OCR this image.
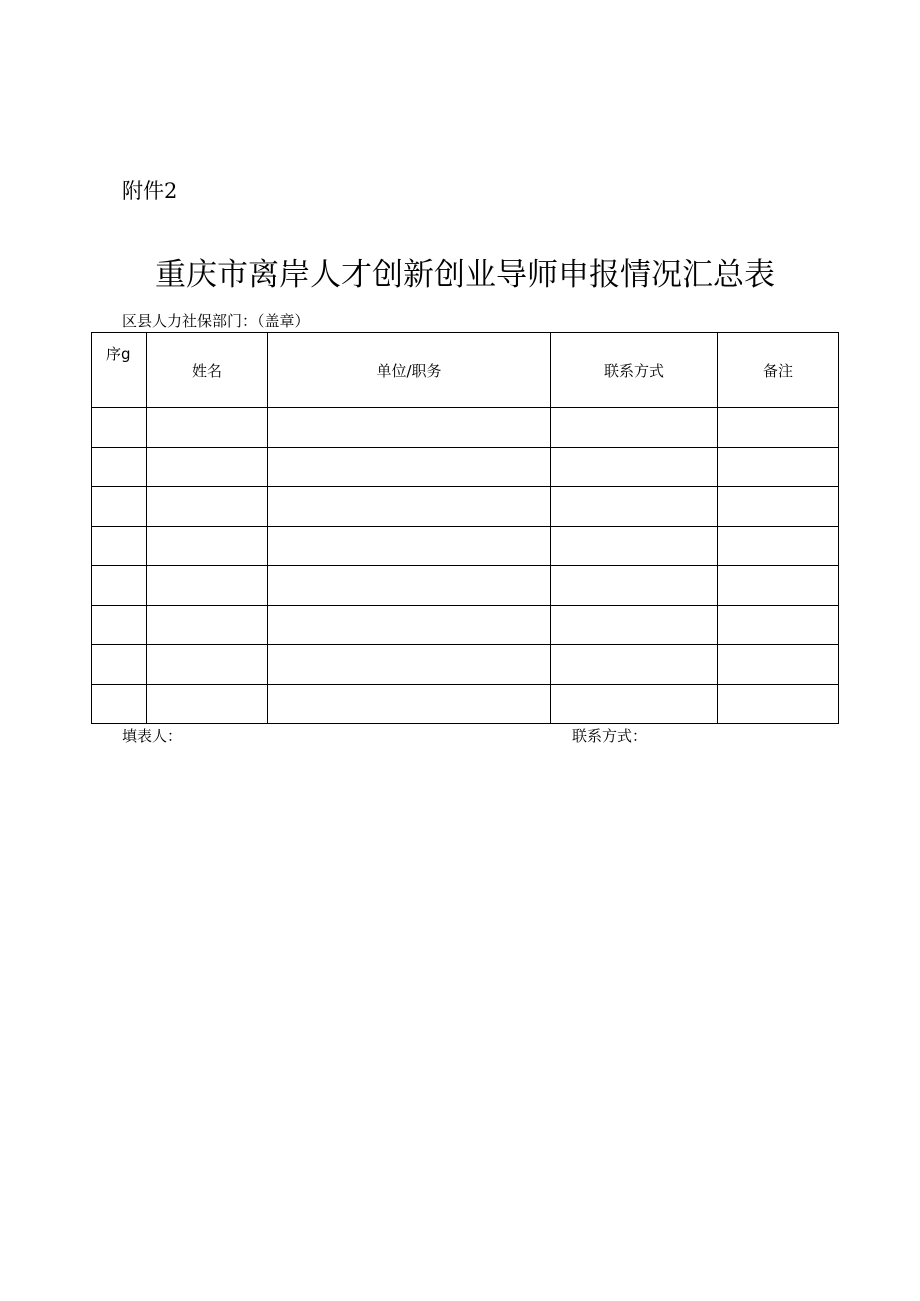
附件2
重庆市离岸人才创新创业导师申报情况汇总表
区县人力社保部门：（盖章）
序g	姓名	单位/职务	联系方式	备注

填表人：	联系方式：
